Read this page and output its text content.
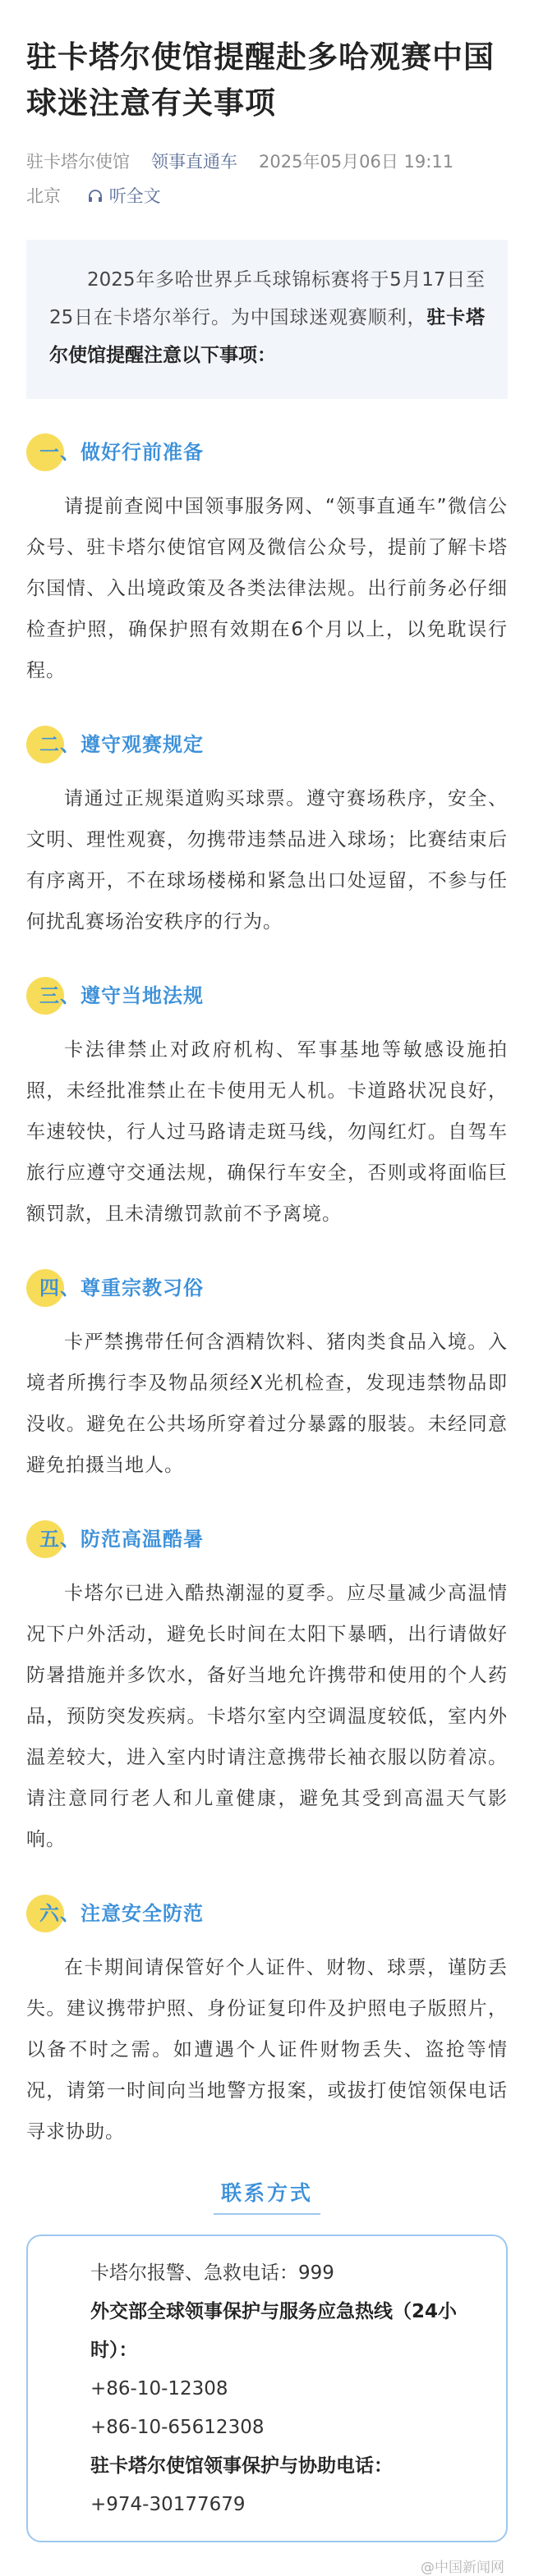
驻卡塔尔使馆提醒赴多哈观赛中国球迷注意有关事项
驻卡塔尔使馆 领事直通车 2025年05月06日 19:11
北京	听全文
2025年多哈世界乒乓球锦标赛将于5月17日至25日在卡塔尔举行。为中国球迷观赛顺利，驻卡塔尔使馆提醒注意以下事项：
一、做好行前准备

请提前查阅中国领事服务网、“领事直通车”微信公众号、驻卡塔尔使馆官网及微信公众号，提前了解卡塔尔国情、入出境政策及各类法律法规。出行前务必仔细检查护照，确保护照有效期在6个月以上，以免耽误行程。

二、遵守观赛规定

请通过正规渠道购买球票。遵守赛场秩序，安全、文明、理性观赛，勿携带违禁品进入球场；比赛结束后有序离开，不在球场楼梯和紧急出口处逗留，不参与任何扰乱赛场治安秩序的行为。

三、遵守当地法规

卡法律禁止对政府机构、军事基地等敏感设施拍照，未经批准禁止在卡使用无人机。卡道路状况良好，车速较快，行人过马路请走斑马线，勿闯红灯。自驾车旅行应遵守交通法规，确保行车安全，否则或将面临巨额罚款，且未清缴罚款前不予离境。

四、尊重宗教习俗

卡严禁携带任何含酒精饮料、猪肉类食品入境。入境者所携行李及物品须经X光机检查，发现违禁物品即没收。避免在公共场所穿着过分暴露的服装。未经同意避免拍摄当地人。

五、防范高温酷暑

卡塔尔已进入酷热潮湿的夏季。应尽量减少高温情况下户外活动，避免长时间在太阳下暴晒，出行请做好防暑措施并多饮水，备好当地允许携带和使用的个人药品，预防突发疾病。卡塔尔室内空调温度较低，室内外温差较大，进入室内时请注意携带长袖衣服以防着凉。请注意同行老人和儿童健康，避免其受到高温天气影响。

六、注意安全防范

在卡期间请保管好个人证件、财物、球票，谨防丢失。建议携带护照、身份证复印件及护照电子版照片，以备不时之需。如遭遇个人证件财物丢失、盗抢等情况，请第一时间向当地警方报案，或拔打使馆领保电话寻求协助。

联系方式
卡塔尔报警、急救电话：999
外交部全球领事保护与服务应急热线（24小时）：
+86-10-12308
+86-10-65612308
驻卡塔尔使馆领事保护与协助电话：
+974-30177679
@中国新闻网
